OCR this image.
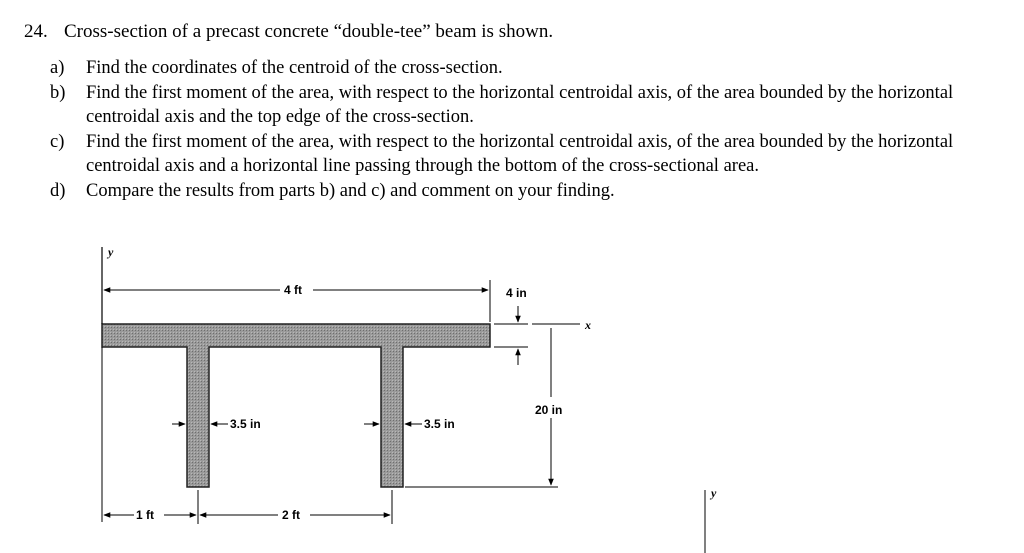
24. Cross-section of a precast concrete “double-tee” beam is shown.
a) Find the coordinates of the centroid of the cross-section.
b) Find the first moment of the area, with respect to the horizontal centroidal axis, of the area bounded by the horizontal centroidal axis and the top edge of the cross-section.
c) Find the first moment of the area, with respect to the horizontal centroidal axis, of the area bounded by the horizontal centroidal axis and a horizontal line passing through the bottom of the cross-sectional area.
d) Compare the results from parts b) and c) and comment on your finding.
y
4 ft	4 in
x
20 in
3.5 in	3.5 in
1 ft	2 ft
y
